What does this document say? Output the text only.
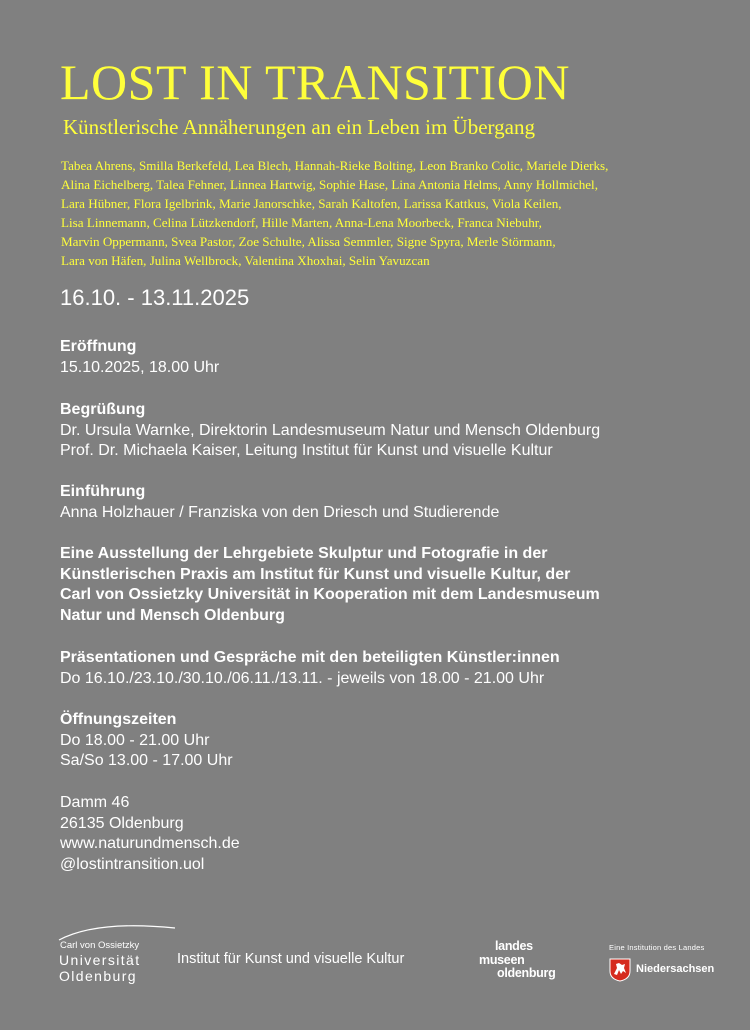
LOST IN TRANSITION
Künstlerische Annäherungen an ein Leben im Übergang
Tabea Ahrens, Smilla Berkefeld, Lea Blech, Hannah-Rieke Bolting, Leon Branko Colic, Mariele Dierks,
Alina Eichelberg, Talea Fehner, Linnea Hartwig, Sophie Hase, Lina Antonia Helms, Anny Hollmichel,
Lara Hübner, Flora Igelbrink, Marie Janorschke, Sarah Kaltofen, Larissa Kattkus, Viola Keilen,
Lisa Linnemann, Celina Lützkendorf, Hille Marten, Anna-Lena Moorbeck, Franca Niebuhr,
Marvin Oppermann, Svea Pastor, Zoe Schulte, Alissa Semmler, Signe Spyra, Merle Störmann,
Lara von Häfen, Julina Wellbrock, Valentina Xhoxhai, Selin Yavuzcan
16.10. - 13.11.2025
Eröffnung
15.10.2025, 18.00 Uhr
Begrüßung
Dr. Ursula Warnke, Direktorin Landesmuseum Natur und Mensch Oldenburg
Prof. Dr. Michaela Kaiser, Leitung Institut für Kunst und visuelle Kultur
Einführung
Anna Holzhauer / Franziska von den Driesch und Studierende
Eine Ausstellung der Lehrgebiete Skulptur und Fotografie in der
Künstlerischen Praxis am Institut für Kunst und visuelle Kultur, der
Carl von Ossietzky Universität in Kooperation mit dem Landesmuseum
Natur und Mensch Oldenburg
Präsentationen und Gespräche mit den beteiligten Künstler:innen
Do 16.10./23.10./30.10./06.11./13.11. - jeweils von 18.00 - 21.00 Uhr
Öffnungszeiten
Do 18.00 - 21.00 Uhr
Sa/So 13.00 - 17.00 Uhr
Damm 46
26135 Oldenburg
www.naturundmensch.de
@lostintransition.uol
Carl von Ossietzky
Universität
Oldenburg
Institut für Kunst und visuelle Kultur
landes
museen
oldenburg
Eine Institution des Landes
Niedersachsen
